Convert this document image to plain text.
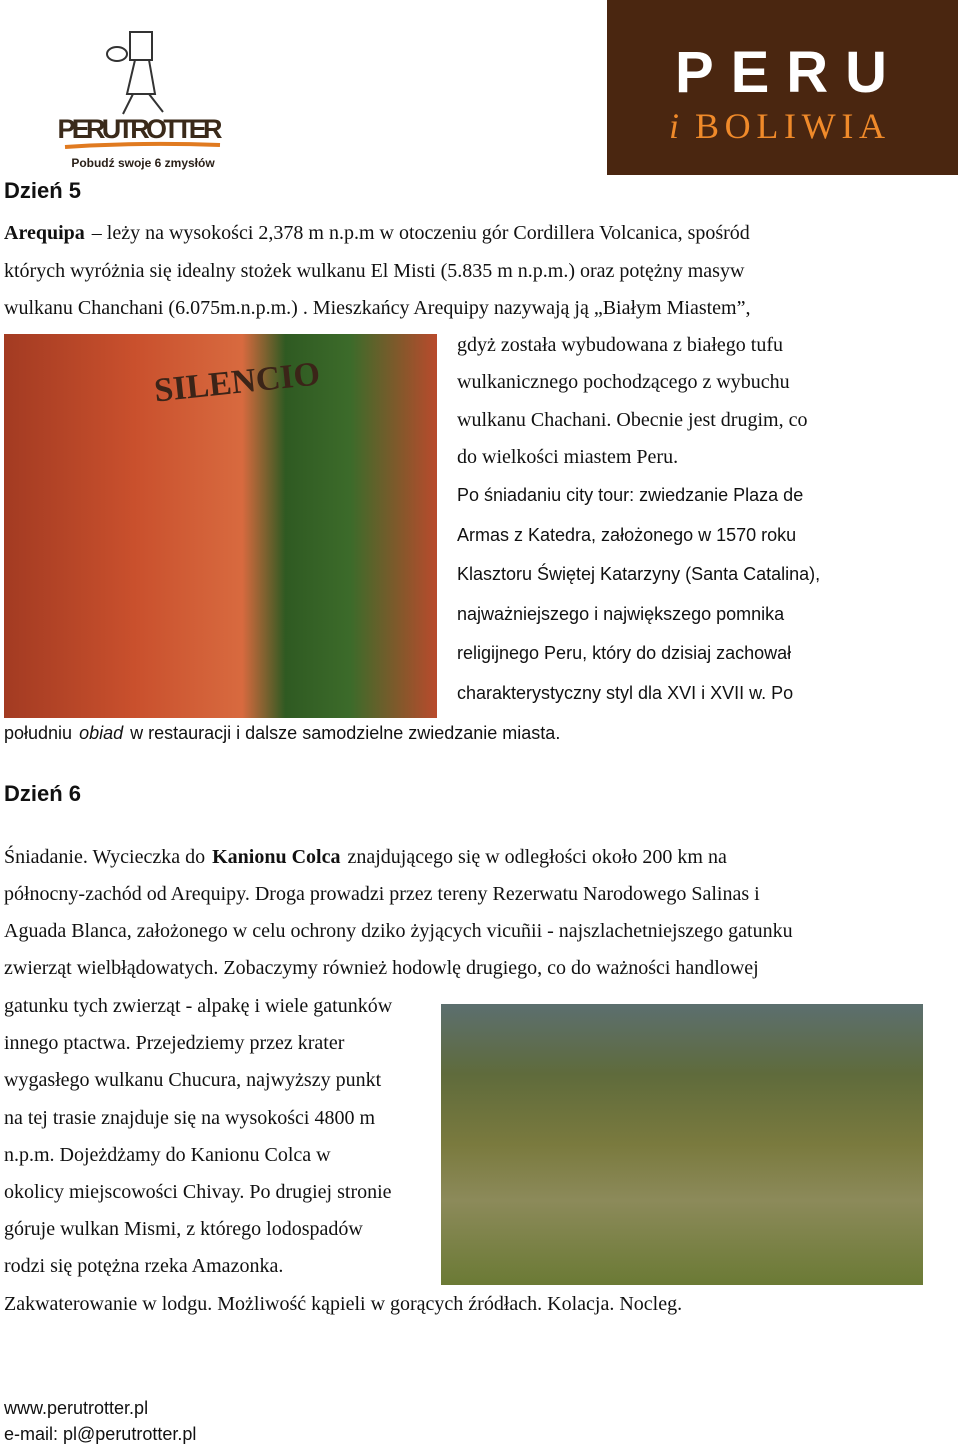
PERUTROTTER
Pobudź swoje 6 zmysłów
PERU
i BOLIWIA
Dzień 5
Arequipa – leży na wysokości 2,378 m n.p.m w otoczeniu gór Cordillera Volcanica, spośród
których wyróżnia się idealny stożek wulkanu El Misti (5.835 m n.p.m.) oraz potężny masyw
wulkanu Chanchani (6.075m.n.p.m.) . Mieszkańcy Arequipy nazywają ją „Białym Miastem”,
SILENCIO
gdyż została wybudowana z białego tufu
wulkanicznego pochodzącego z wybuchu
wulkanu Chachani. Obecnie jest drugim, co
do wielkości miastem Peru.
Po śniadaniu city tour: zwiedzanie Plaza de
Armas z Katedra, założonego w 1570 roku
Klasztoru Świętej Katarzyny (Santa Catalina),
najważniejszego i największego pomnika
religijnego Peru, który do dzisiaj zachował
charakterystyczny styl dla XVI i XVII w. Po
południu obiad w restauracji i dalsze samodzielne zwiedzanie miasta.
Dzień 6
Śniadanie. Wycieczka do Kanionu Colca znajdującego się w odległości około 200 km na
północny-zachód od Arequipy. Droga prowadzi przez tereny Rezerwatu Narodowego Salinas i
Aguada Blanca, założonego w celu ochrony dziko żyjących vicuñii - najszlachetniejszego gatunku
zwierząt wielbłądowatych. Zobaczymy również hodowlę drugiego, co do ważności handlowej
gatunku tych zwierząt - alpakę i wiele gatunków
innego ptactwa. Przejedziemy przez krater
wygasłego wulkanu Chucura, najwyższy punkt
na tej trasie znajduje się na wysokości 4800 m
n.p.m. Dojeżdżamy do Kanionu Colca w
okolicy miejscowości Chivay. Po drugiej stronie
góruje wulkan Mismi, z którego lodospadów
rodzi się potężna rzeka Amazonka.
Zakwaterowanie w lodgu. Możliwość kąpieli w gorących źródłach. Kolacja. Nocleg.
www.perutrotter.pl
e-mail: pl@perutrotter.pl
